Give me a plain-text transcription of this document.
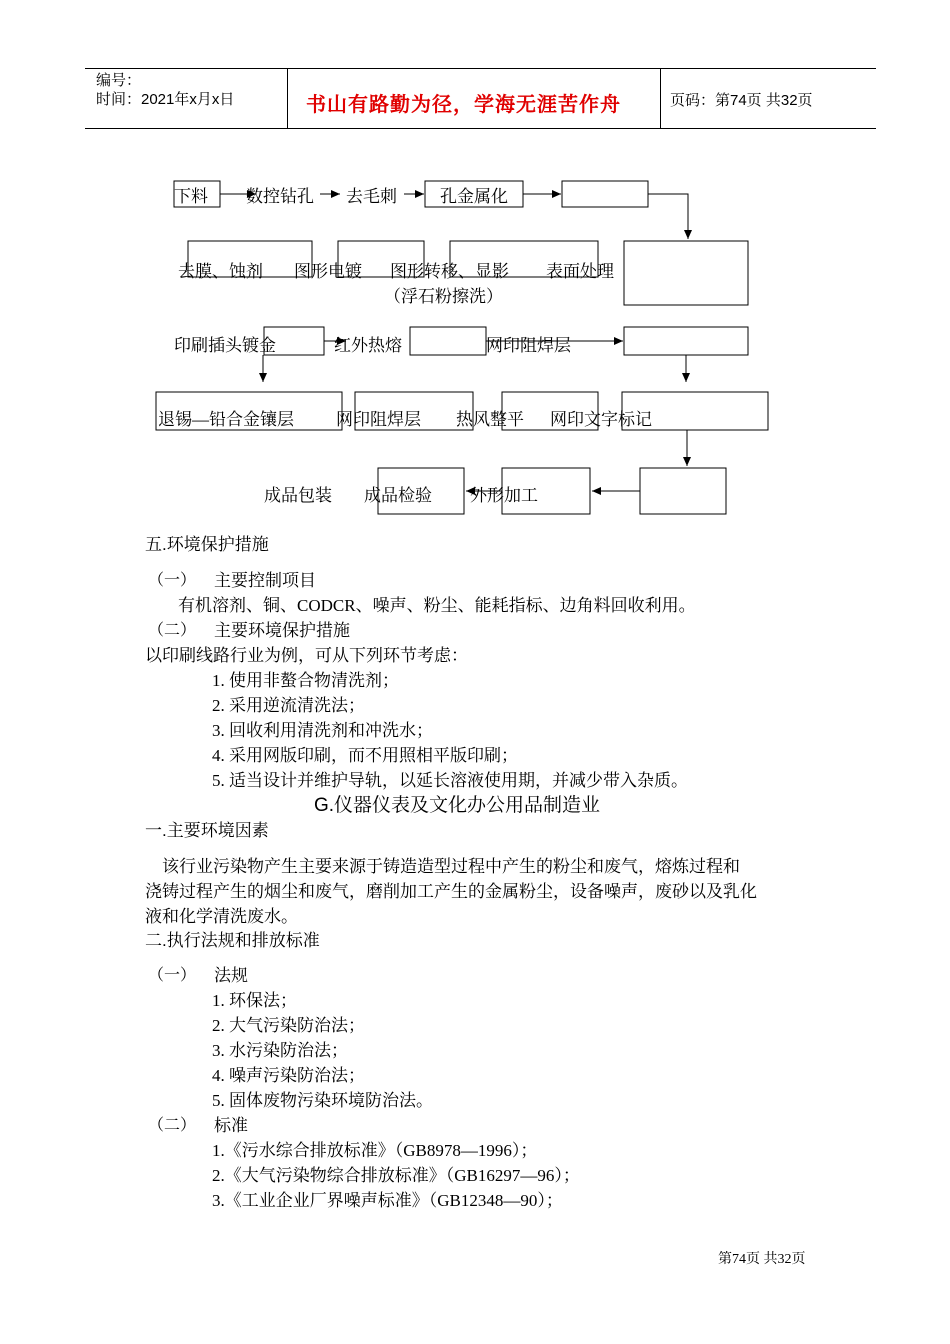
编号：
时间：2021年x月x日	书山有路勤为径，学海无涯苦作舟	页码：第74页 共32页
下料 数控钻孔 去毛刺	孔金属化
去膜、蚀剂 图形电镀 图形转移、显影 表面处理
（浮石粉擦洗）
印刷插头镀金	红外热熔	网印阻焊层
退锡—铅合金镶层 网印阻焊层 热风整平 网印文字标记
成品包装 成品检验 外形加工
五.环境保护措施
（一） 主要控制项目
有机溶剂、铜、CODCR、噪声、粉尘、能耗指标、边角料回收利用。
（二） 主要环境保护措施
以印刷线路行业为例，可从下列环节考虑：
1. 使用非螯合物清洗剂；
2. 采用逆流清洗法；
3. 回收利用清洗剂和冲洗水；
4. 采用网版印刷，而不用照相平版印刷；
5. 适当设计并维护导轨，以延长溶液使用期，并减少带入杂质。
G.仪器仪表及文化办公用品制造业
一.主要环境因素
该行业污染物产生主要来源于铸造造型过程中产生的粉尘和废气，熔炼过程和
浇铸过程产生的烟尘和废气，磨削加工产生的金属粉尘，设备噪声，废砂以及乳化
液和化学清洗废水。
二.执行法规和排放标准
（一） 法规
1. 环保法；
2. 大气污染防治法；
3. 水污染防治法；
4. 噪声污染防治法；
5. 固体废物污染环境防治法。
（二） 标准
1.《污水综合排放标准》（GB8978—1996）；
2.《大气污染物综合排放标准》（GB16297—96）；
3.《工业企业厂界噪声标准》（GB12348—90）；
第74页 共32页
